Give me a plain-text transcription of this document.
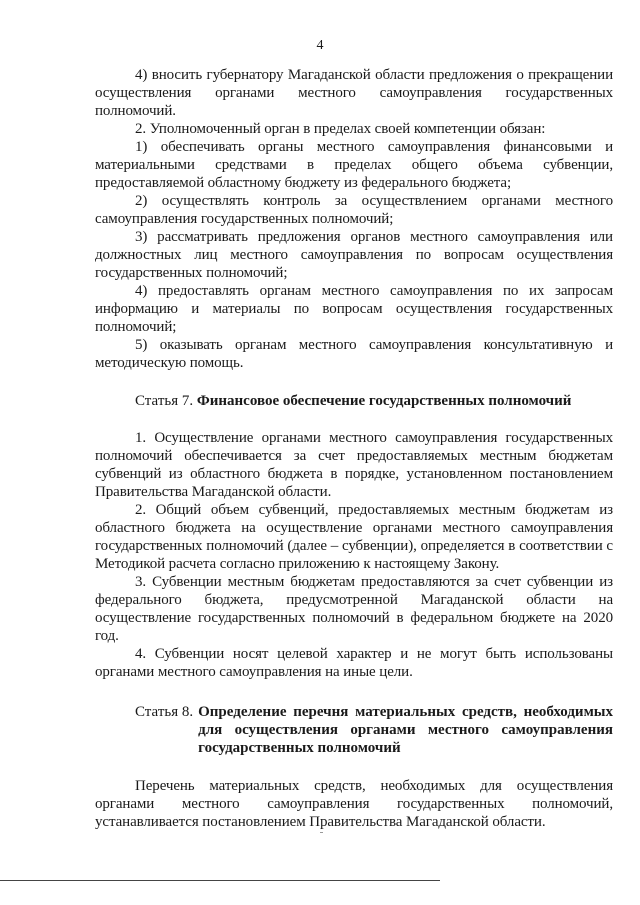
4

4) вносить губернатору Магаданской области предложения о прекращении осуществления органами местного самоуправления государственных полномочий.

2. Уполномоченный орган в пределах своей компетенции обязан:

1) обеспечивать органы местного самоуправления финансовыми и материальными средствами в пределах общего объема субвенции, предоставляемой областному бюджету из федерального бюджета;

2) осуществлять контроль за осуществлением органами местного самоуправления государственных полномочий;

3) рассматривать предложения органов местного самоуправления или должностных лиц местного самоуправления по вопросам осуществления государственных полномочий;

4) предоставлять органам местного самоуправления по их запросам информацию и материалы по вопросам осуществления государственных полномочий;

5) оказывать органам местного самоуправления консультативную и методическую помощь.

Статья 7. Финансовое обеспечение государственных полномочий

1. Осуществление органами местного самоуправления государственных полномочий обеспечивается за счет предоставляемых местным бюджетам субвенций из областного бюджета в порядке, установленном постановлением Правительства Магаданской области.

2. Общий объем субвенций, предоставляемых местным бюджетам из областного бюджета на осуществление органами местного самоуправления государственных полномочий (далее – субвенции), определяется в соответствии с Методикой расчета согласно приложению к настоящему Закону.

3. Субвенции местным бюджетам предоставляются за счет субвенции из федерального бюджета, предусмотренной Магаданской области на осуществление государственных полномочий в федеральном бюджете на 2020 год.

4. Субвенции носят целевой характер и не могут быть использованы органами местного самоуправления на иные цели.

Статья 8. Определение перечня материальных средств, необходимых для осуществления органами местного самоуправления государственных полномочий

Перечень материальных средств, необходимых для осуществления органами местного самоуправления государственных полномочий, устанавливается постановлением Правительства Магаданской области.
